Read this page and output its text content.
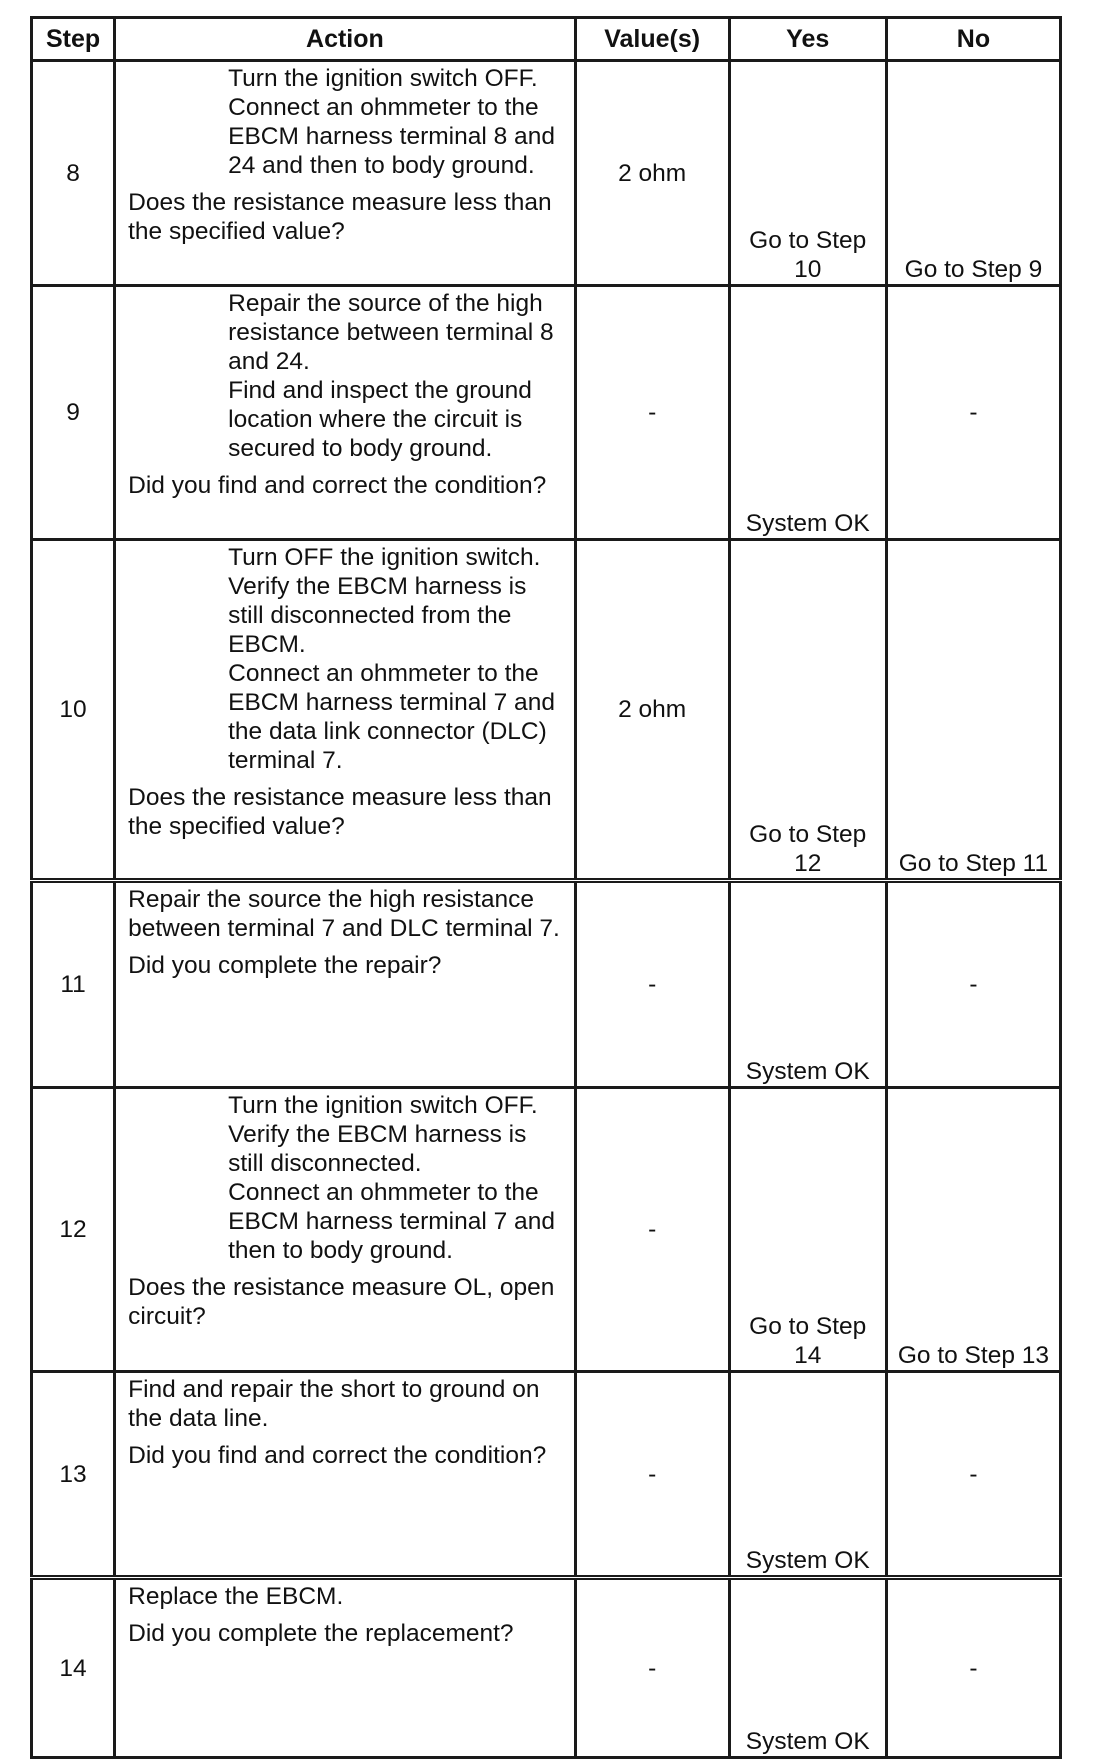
Step	Action	Value(s)	Yes	No
8	Turn the ignition switch OFF.
Connect an ohmmeter to the EBCM harness terminal 8 and 24 and then to body ground.
Does the resistance measure less than the specified value?	2 ohm	Go to Step 10	Go to Step 9
9	Repair the source of the high resistance between terminal 8 and 24.
Find and inspect the ground location where the circuit is secured to body ground.
Did you find and correct the condition?	-	System OK	-
10	Turn OFF the ignition switch.
Verify the EBCM harness is still disconnected from the EBCM.
Connect an ohmmeter to the EBCM harness terminal 7 and the data link connector (DLC) terminal 7.
Does the resistance measure less than the specified value?	2 ohm	Go to Step 12	Go to Step 11
11	Repair the source the high resistance between terminal 7 and DLC terminal 7.
Did you complete the repair?	-	System OK	-
12	Turn the ignition switch OFF.
Verify the EBCM harness is still disconnected.
Connect an ohmmeter to the EBCM harness terminal 7 and then to body ground.
Does the resistance measure OL, open circuit?	-	Go to Step 14	Go to Step 13
13	Find and repair the short to ground on the data line.
Did you find and correct the condition?	-	System OK	-
14	Replace the EBCM.
Did you complete the replacement?	-	System OK	-
